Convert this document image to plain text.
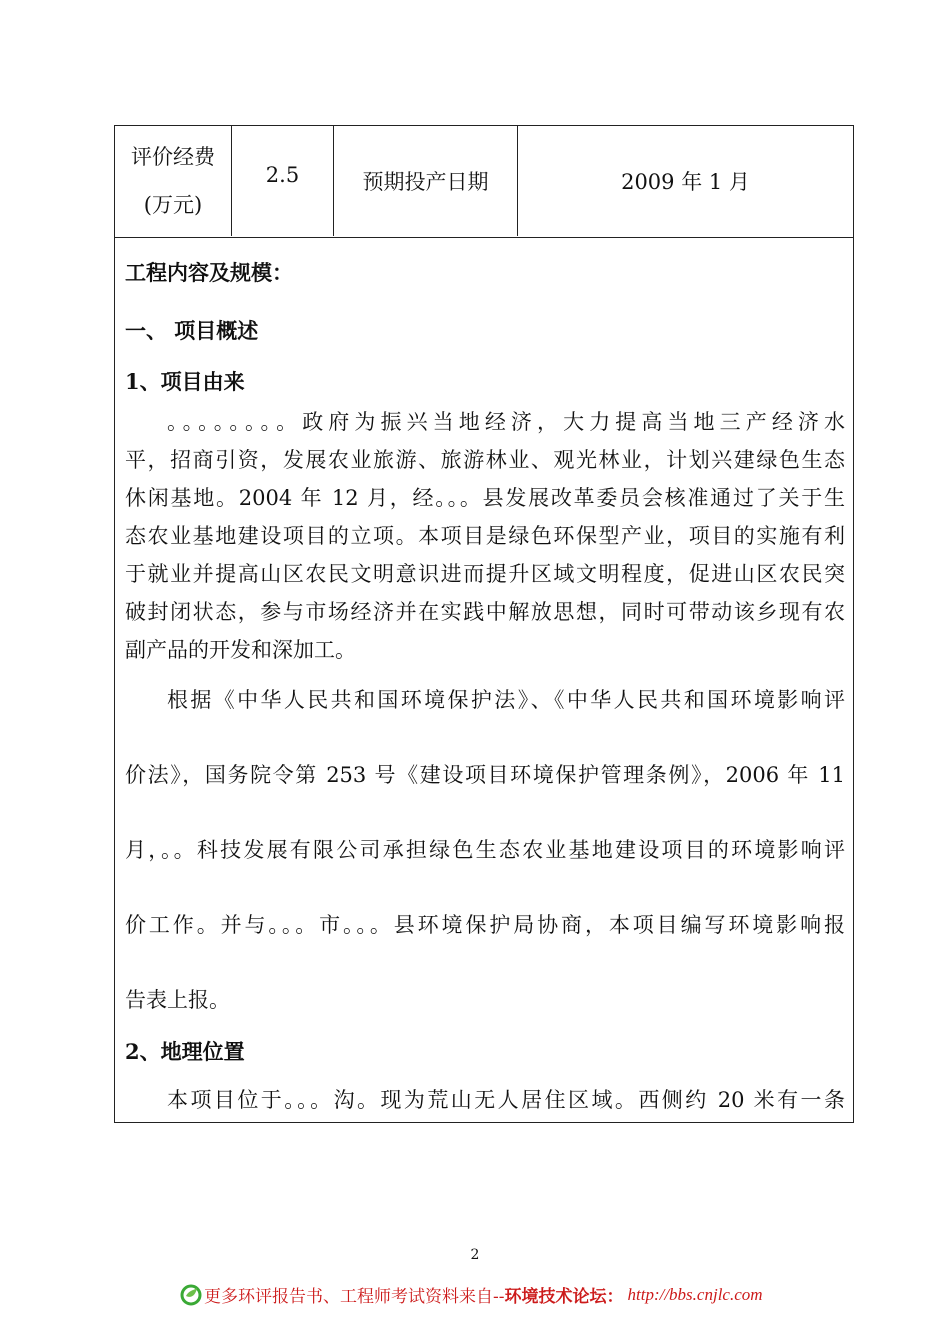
评价经费
(万元)
2.5	预期投产日期	2009 年 1 月
工程内容及规模：
一、 项目概述
1、项目由来
。。。。。。。。政府为振兴当地经济，大力提高当地三产经济水
平，招商引资，发展农业旅游、旅游林业、观光林业，计划兴建绿色生态
休闲基地。2004 年 12 月，经。。。县发展改革委员会核准通过了关于生
态农业基地建设项目的立项。本项目是绿色环保型产业，项目的实施有利
于就业并提高山区农民文明意识进而提升区域文明程度，促进山区农民突
破封闭状态，参与市场经济并在实践中解放思想，同时可带动该乡现有农
副产品的开发和深加工。
根据《中华人民共和国环境保护法》、《中华人民共和国环境影响评
价法》，国务院令第 253 号《建设项目环境保护管理条例》，2006 年 11
月，。。科技发展有限公司承担绿色生态农业基地建设项目的环境影响评
价工作。并与。。。市。。。县环境保护局协商，本项目编写环境影响报
告表上报。
2、地理位置
本项目位于。。。沟。现为荒山无人居住区域。西侧约 20 米有一条
2
更多环评报告书、工程师考试资料来自-- 环境技术论坛： http://bbs.cnjlc.com
